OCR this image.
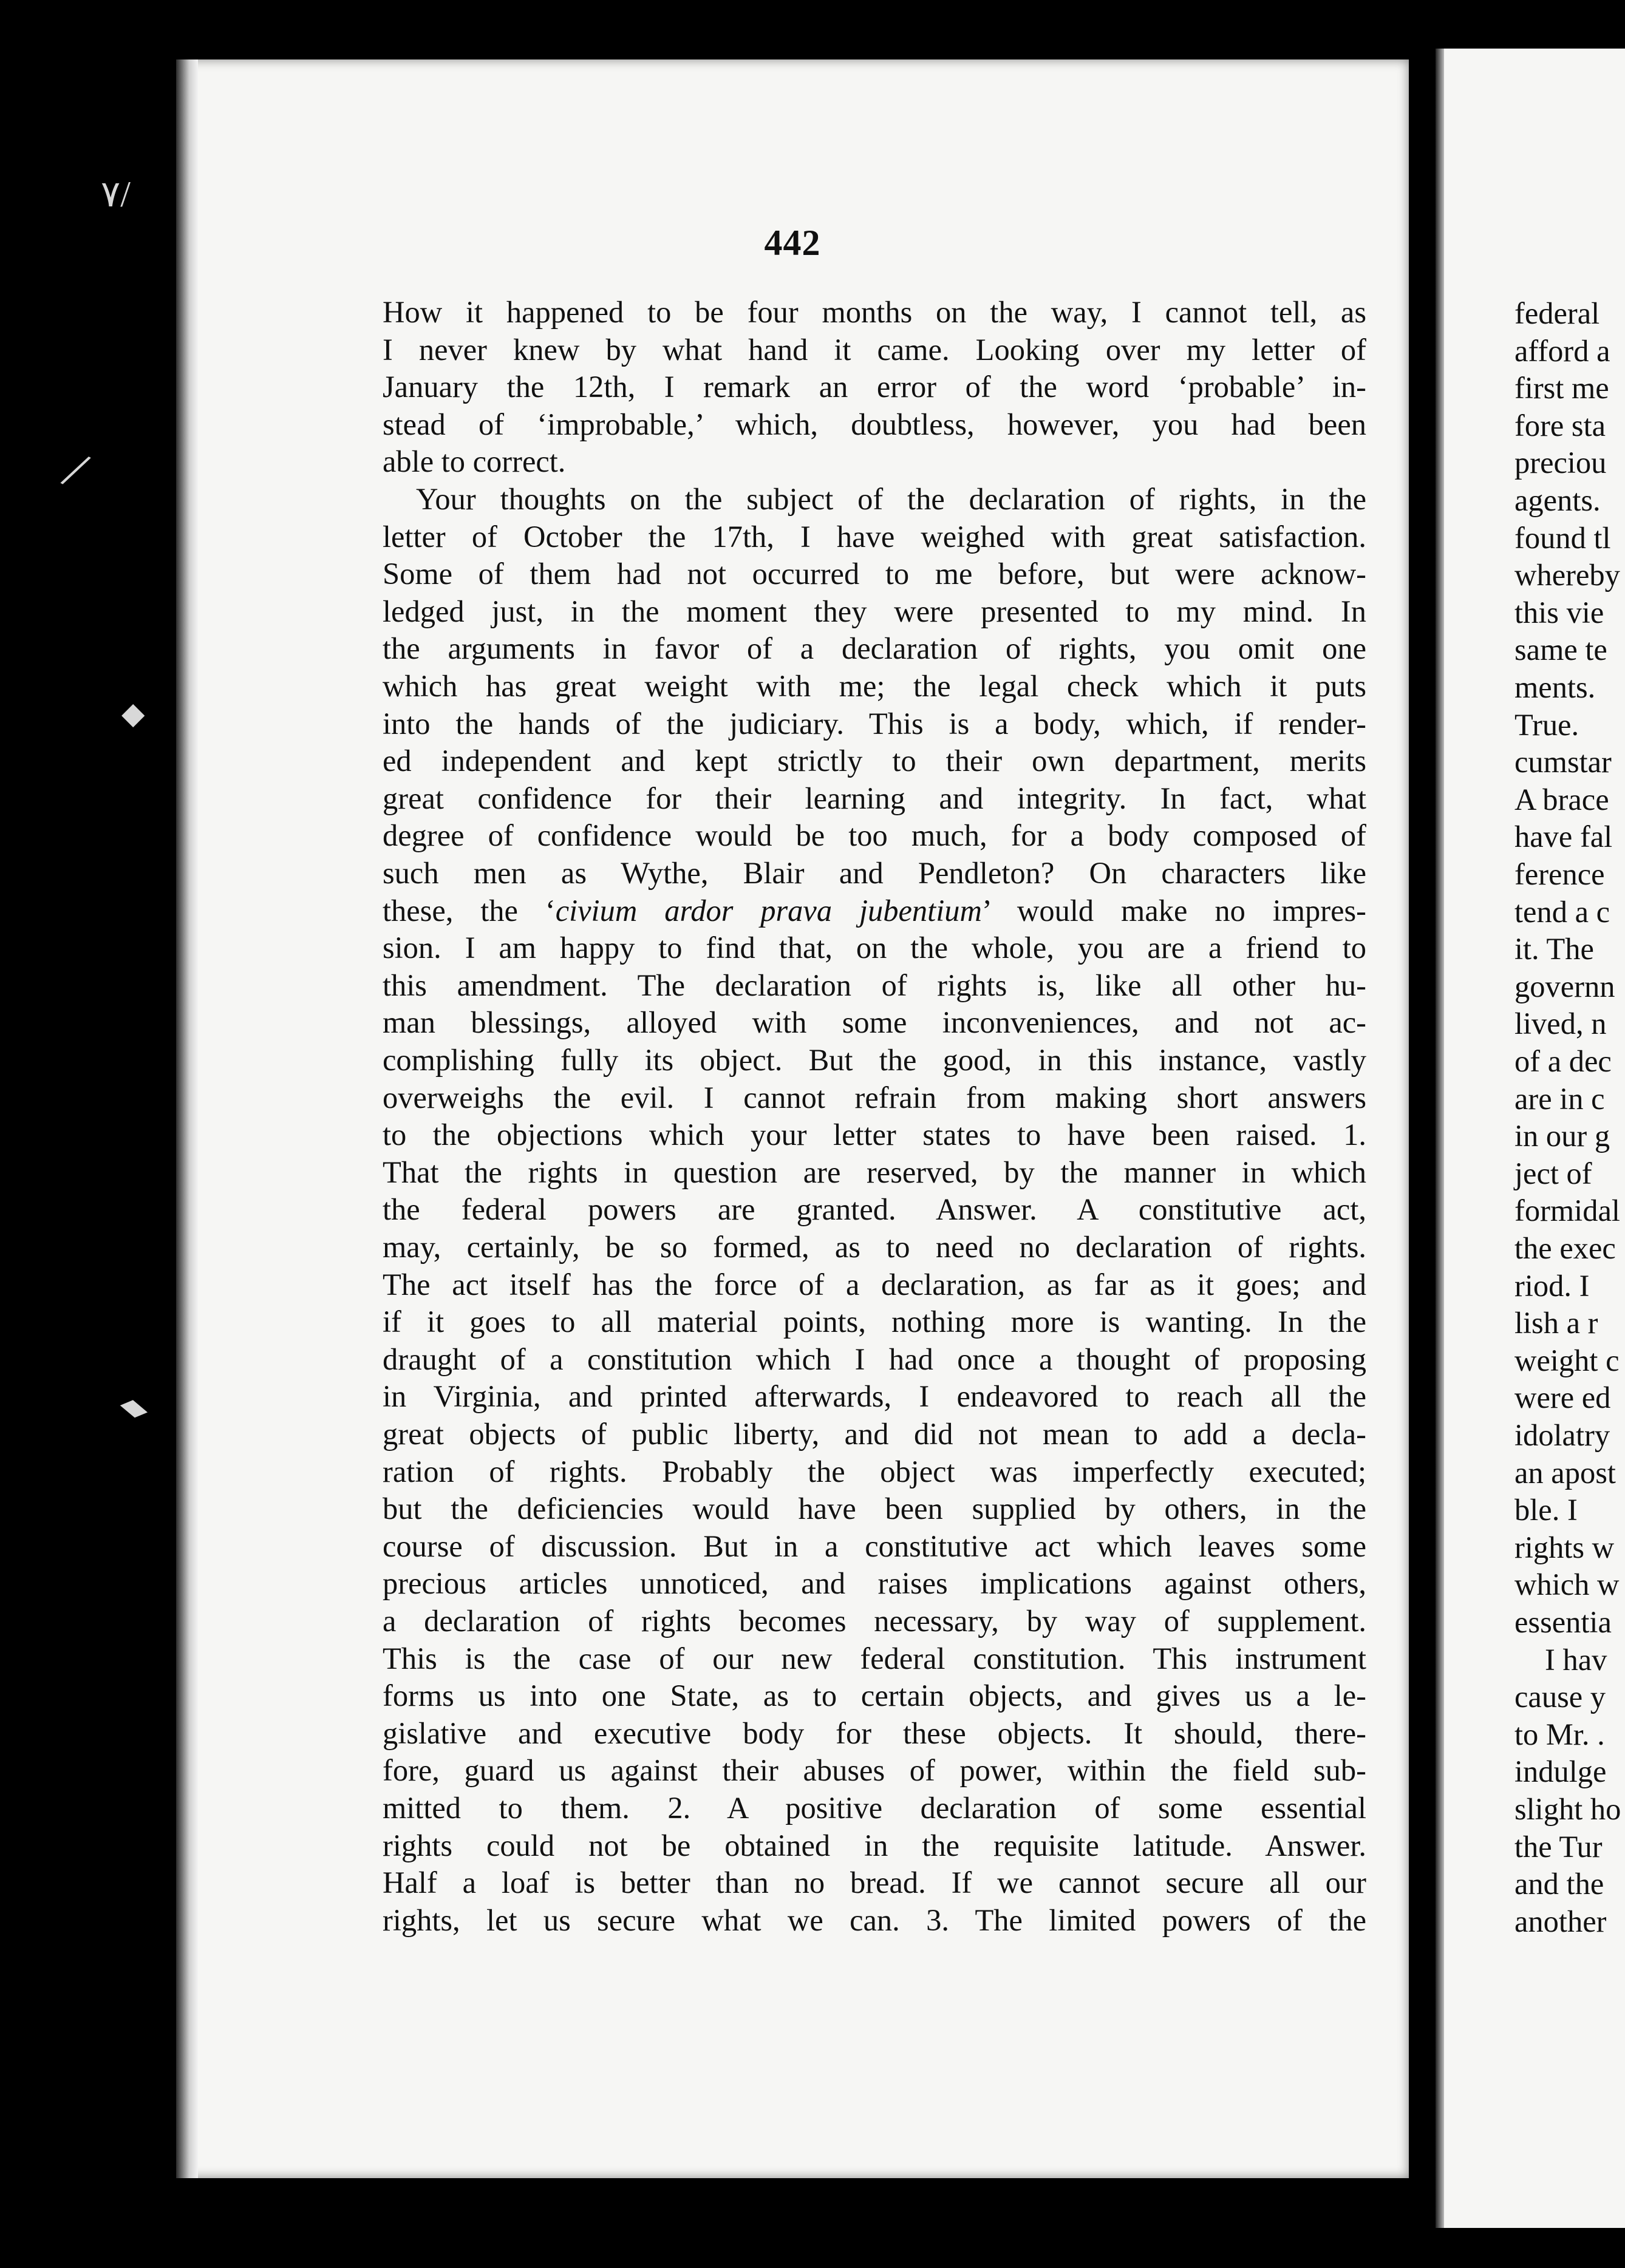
٧/
/
◆
▰
442

How it happened to be four months on the way, I cannot tell, as

I never knew by what hand it came. Looking over my letter of

January the 12th, I remark an error of the word ‘probable’ in-

stead of ‘improbable,’ which, doubtless, however, you had been

able to correct.

Your thoughts on the subject of the declaration of rights, in the

letter of October the 17th, I have weighed with great satisfaction.

Some of them had not occurred to me before, but were acknow-

ledged just, in the moment they were presented to my mind. In

the arguments in favor of a declaration of rights, you omit one

which has great weight with me; the legal check which it puts

into the hands of the judiciary. This is a body, which, if render-

ed independent and kept strictly to their own department, merits

great confidence for their learning and integrity. In fact, what

degree of confidence would be too much, for a body composed of

such men as Wythe, Blair and Pendleton? On characters like

these, the ‘civium ardor prava jubentium’ would make no impres-

sion. I am happy to find that, on the whole, you are a friend to

this amendment. The declaration of rights is, like all other hu-

man blessings, alloyed with some inconveniences, and not ac-

complishing fully its object. But the good, in this instance, vastly

overweighs the evil. I cannot refrain from making short answers

to the objections which your letter states to have been raised. 1.

That the rights in question are reserved, by the manner in which

the federal powers are granted. Answer. A constitutive act,

may, certainly, be so formed, as to need no declaration of rights.

The act itself has the force of a declaration, as far as it goes; and

if it goes to all material points, nothing more is wanting. In the

draught of a constitution which I had once a thought of proposing

in Virginia, and printed afterwards, I endeavored to reach all the

great objects of public liberty, and did not mean to add a decla-

ration of rights. Probably the object was imperfectly executed;

but the deficiencies would have been supplied by others, in the

course of discussion. But in a constitutive act which leaves some

precious articles unnoticed, and raises implications against others,

a declaration of rights becomes necessary, by way of supplement.

This is the case of our new federal constitution. This instrument

forms us into one State, as to certain objects, and gives us a le-

gislative and executive body for these objects. It should, there-

fore, guard us against their abuses of power, within the field sub-

mitted to them. 2. A positive declaration of some essential

rights could not be obtained in the requisite latitude. Answer.

Half a loaf is better than no bread. If we cannot secure all our

rights, let us secure what we can. 3. The limited powers of the

federal

afford a

first me

fore sta

preciou

agents.

found tl

whereby

this vie

same te

ments.

True.

cumstar

A brace

have fal

ference

tend a c

it. The

governn

lived, n

of a dec

are in c

in our g

ject of

formidal

the exec

riod. I

lish a r

weight c

were ed

idolatry

an apost

ble. I

rights w

which w

essentia

I hav

cause y

to Mr. .

indulge

slight ho

the Tur

and the

another
